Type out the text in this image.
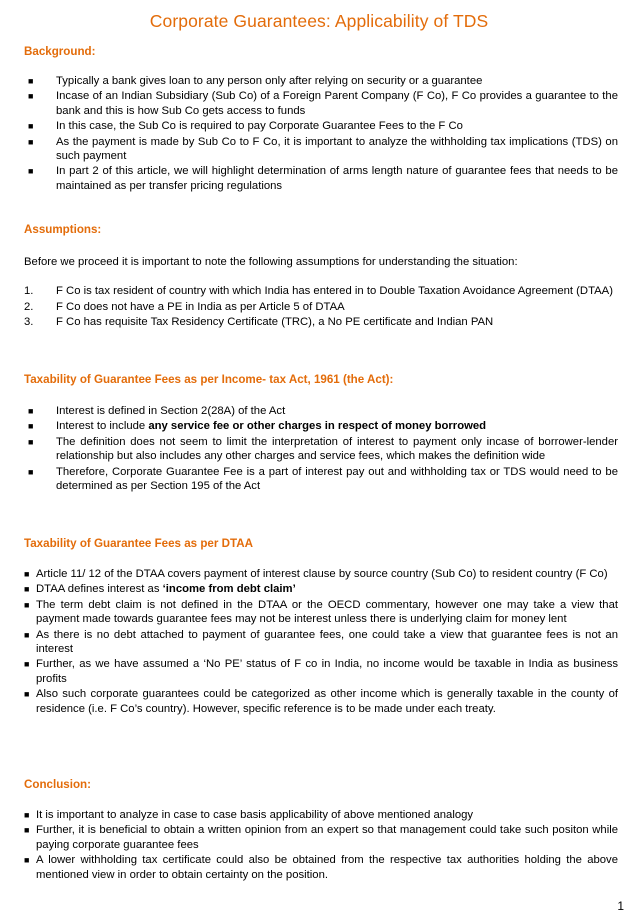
Corporate Guarantees: Applicability of TDS
Background:
■ Typically a bank gives loan to any person only after relying on security or a guarantee
■ Incase of an Indian Subsidiary (Sub Co) of a Foreign Parent Company (F Co), F Co provides a guarantee to the bank and this is how Sub Co gets access to funds
■ In this case, the Sub Co is required to pay Corporate Guarantee Fees to the F Co
■ As the payment is made by Sub Co to F Co, it is important to analyze the withholding tax implications (TDS) on such payment
■ In part 2 of this article, we will highlight determination of arms length nature of guarantee fees that needs to be maintained as per transfer pricing regulations
Assumptions:
Before we proceed it is important to note the following assumptions for understanding the situation:
1. F Co is tax resident of country with which India has entered in to Double Taxation Avoidance Agreement (DTAA)
2. F Co does not have a PE in India as per Article 5 of DTAA
3. F Co has requisite Tax Residency Certificate (TRC), a No PE certificate and Indian PAN
Taxability of Guarantee Fees as per Income- tax Act, 1961 (the Act):
■ Interest is defined in Section 2(28A) of the Act
■ Interest to include any service fee or other charges in respect of money borrowed
■ The definition does not seem to limit the interpretation of interest to payment only incase of borrower-lender relationship but also includes any other charges and service fees, which makes the definition wide
■ Therefore, Corporate Guarantee Fee is a part of interest pay out and withholding tax or TDS would need to be determined as per Section 195 of the Act
Taxability of Guarantee Fees as per DTAA
■ Article 11/ 12 of the DTAA covers payment of interest clause by source country (Sub Co) to resident country (F Co)
■ DTAA defines interest as ‘income from debt claim’
■ The term debt claim is not defined in the DTAA or the OECD commentary, however one may take a view that payment made towards guarantee fees may not be interest unless there is underlying claim for money lent
■ As there is no debt attached to payment of guarantee fees, one could take a view that guarantee fees is not an interest
■ Further, as we have assumed a ‘No PE’ status of F co in India, no income would be taxable in India as business profits
■ Also such corporate guarantees could be categorized as other income which is generally taxable in the county of residence (i.e. F Co’s country). However, specific reference is to be made under each treaty.
Conclusion:
■ It is important to analyze in case to case basis applicability of above mentioned analogy
■ Further, it is beneficial to obtain a written opinion from an expert so that management could take such positon while paying corporate guarantee fees
■ A lower withholding tax certificate could also be obtained from the respective tax authorities holding the above mentioned view in order to obtain certainty on the position.
1
